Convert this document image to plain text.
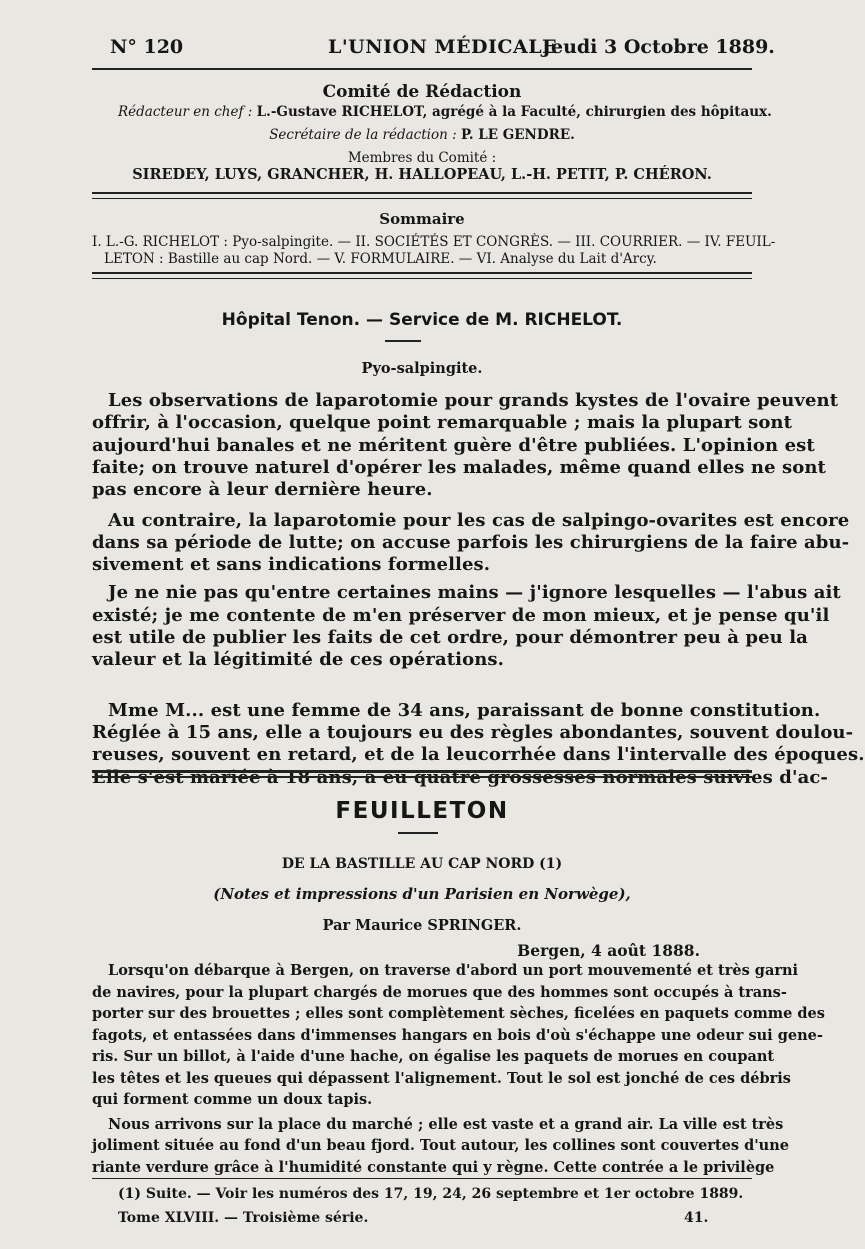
N° 120	L'UNION MÉDICALE
Jeudi 3 Octobre 1889.
Comité de Rédaction
Rédacteur en chef : L.-Gustave RICHELOT, agrégé à la Faculté, chirurgien des hôpitaux.
Secrétaire de la rédaction : P. LE GENDRE.
Membres du Comité :
SIREDEY, LUYS, GRANCHER, H. HALLOPEAU, L.-H. PETIT, P. CHÉRON.
Sommaire
I. L.-G. RICHELOT : Pyo-salpingite. — II. SOCIÉTÉS ET CONGRÈS. — III. COURRIER. — IV. FEUIL-
LETON : Bastille au cap Nord. — V. FORMULAIRE. — VI. Analyse du Lait d'Arcy.
Hôpital Tenon. — Service de M. RICHELOT.
Pyo-salpingite.
Les observations de laparotomie pour grands kystes de l'ovaire peuvent
offrir, à l'occasion, quelque point remarquable ; mais la plupart sont
aujourd'hui banales et ne méritent guère d'être publiées. L'opinion est
faite; on trouve naturel d'opérer les malades, même quand elles ne sont
pas encore à leur dernière heure.
Au contraire, la laparotomie pour les cas de salpingo-ovarites est encore
dans sa période de lutte; on accuse parfois les chirurgiens de la faire abu-
sivement et sans indications formelles.
Je ne nie pas qu'entre certaines mains — j'ignore lesquelles — l'abus ait
existé; je me contente de m'en préserver de mon mieux, et je pense qu'il
est utile de publier les faits de cet ordre, pour démontrer peu à peu la
valeur et la légitimité de ces opérations.
Mme M... est une femme de 34 ans, paraissant de bonne constitution.
Réglée à 15 ans, elle a toujours eu des règles abondantes, souvent doulou-
reuses, souvent en retard, et de la leucorrhée dans l'intervalle des époques.
Elle s'est mariée à 18 ans, a eu quatre grossesses normales suivies d'ac-
FEUILLETON
DE LA BASTILLE AU CAP NORD (1)
(Notes et impressions d'un Parisien en Norwège),
Par Maurice SPRINGER.
Bergen, 4 août 1888.
Lorsqu'on débarque à Bergen, on traverse d'abord un port mouvementé et très garni
de navires, pour la plupart chargés de morues que des hommes sont occupés à trans-
porter sur des brouettes ; elles sont complètement sèches, ficelées en paquets comme des
fagots, et entassées dans d'immenses hangars en bois d'où s'échappe une odeur sui gene-
ris. Sur un billot, à l'aide d'une hache, on égalise les paquets de morues en coupant
les têtes et les queues qui dépassent l'alignement. Tout le sol est jonché de ces débris
qui forment comme un doux tapis.
Nous arrivons sur la place du marché ; elle est vaste et a grand air. La ville est très
joliment située au fond d'un beau fjord. Tout autour, les collines sont couvertes d'une
riante verdure grâce à l'humidité constante qui y règne. Cette contrée a le privilège
(1) Suite. — Voir les numéros des 17, 19, 24, 26 septembre et 1er octobre 1889.
Tome XLVIII. — Troisième série.	41.
